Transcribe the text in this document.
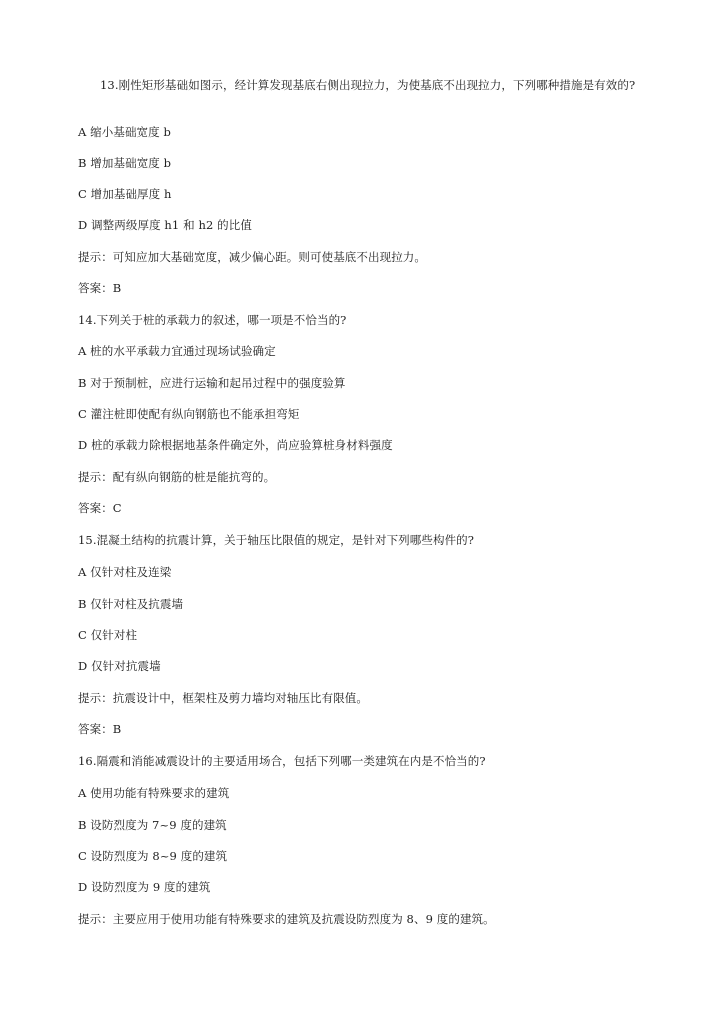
13.刚性矩形基础如图示，经计算发现基底右侧出现拉力，为使基底不出现拉力，下列哪种措施是有效的?
A 缩小基础宽度 b
B 增加基础宽度 b
C 增加基础厚度 h
D 调整两级厚度 h1 和 h2 的比值
提示：可知应加大基础宽度，减少偏心距。则可使基底不出现拉力。
答案：B
14.下列关于桩的承载力的叙述，哪一项是不恰当的?
A 桩的水平承载力宜通过现场试验确定
B 对于预制桩，应进行运输和起吊过程中的强度验算
C 灌注桩即使配有纵向钢筋也不能承担弯矩
D 桩的承载力除根据地基条件确定外，尚应验算桩身材料强度
提示：配有纵向钢筋的桩是能抗弯的。
答案：C
15.混凝土结构的抗震计算，关于轴压比限值的规定，是针对下列哪些构件的?
A 仅针对柱及连梁
B 仅针对柱及抗震墙
C 仅针对柱
D 仅针对抗震墙
提示：抗震设计中，框架柱及剪力墙均对轴压比有限值。
答案：B
16.隔震和消能减震设计的主要适用场合，包括下列哪一类建筑在内是不恰当的?
A 使用功能有特殊要求的建筑
B 设防烈度为 7~9 度的建筑
C 设防烈度为 8~9 度的建筑
D 设防烈度为 9 度的建筑
提示：主要应用于使用功能有特殊要求的建筑及抗震设防烈度为 8、9 度的建筑。
